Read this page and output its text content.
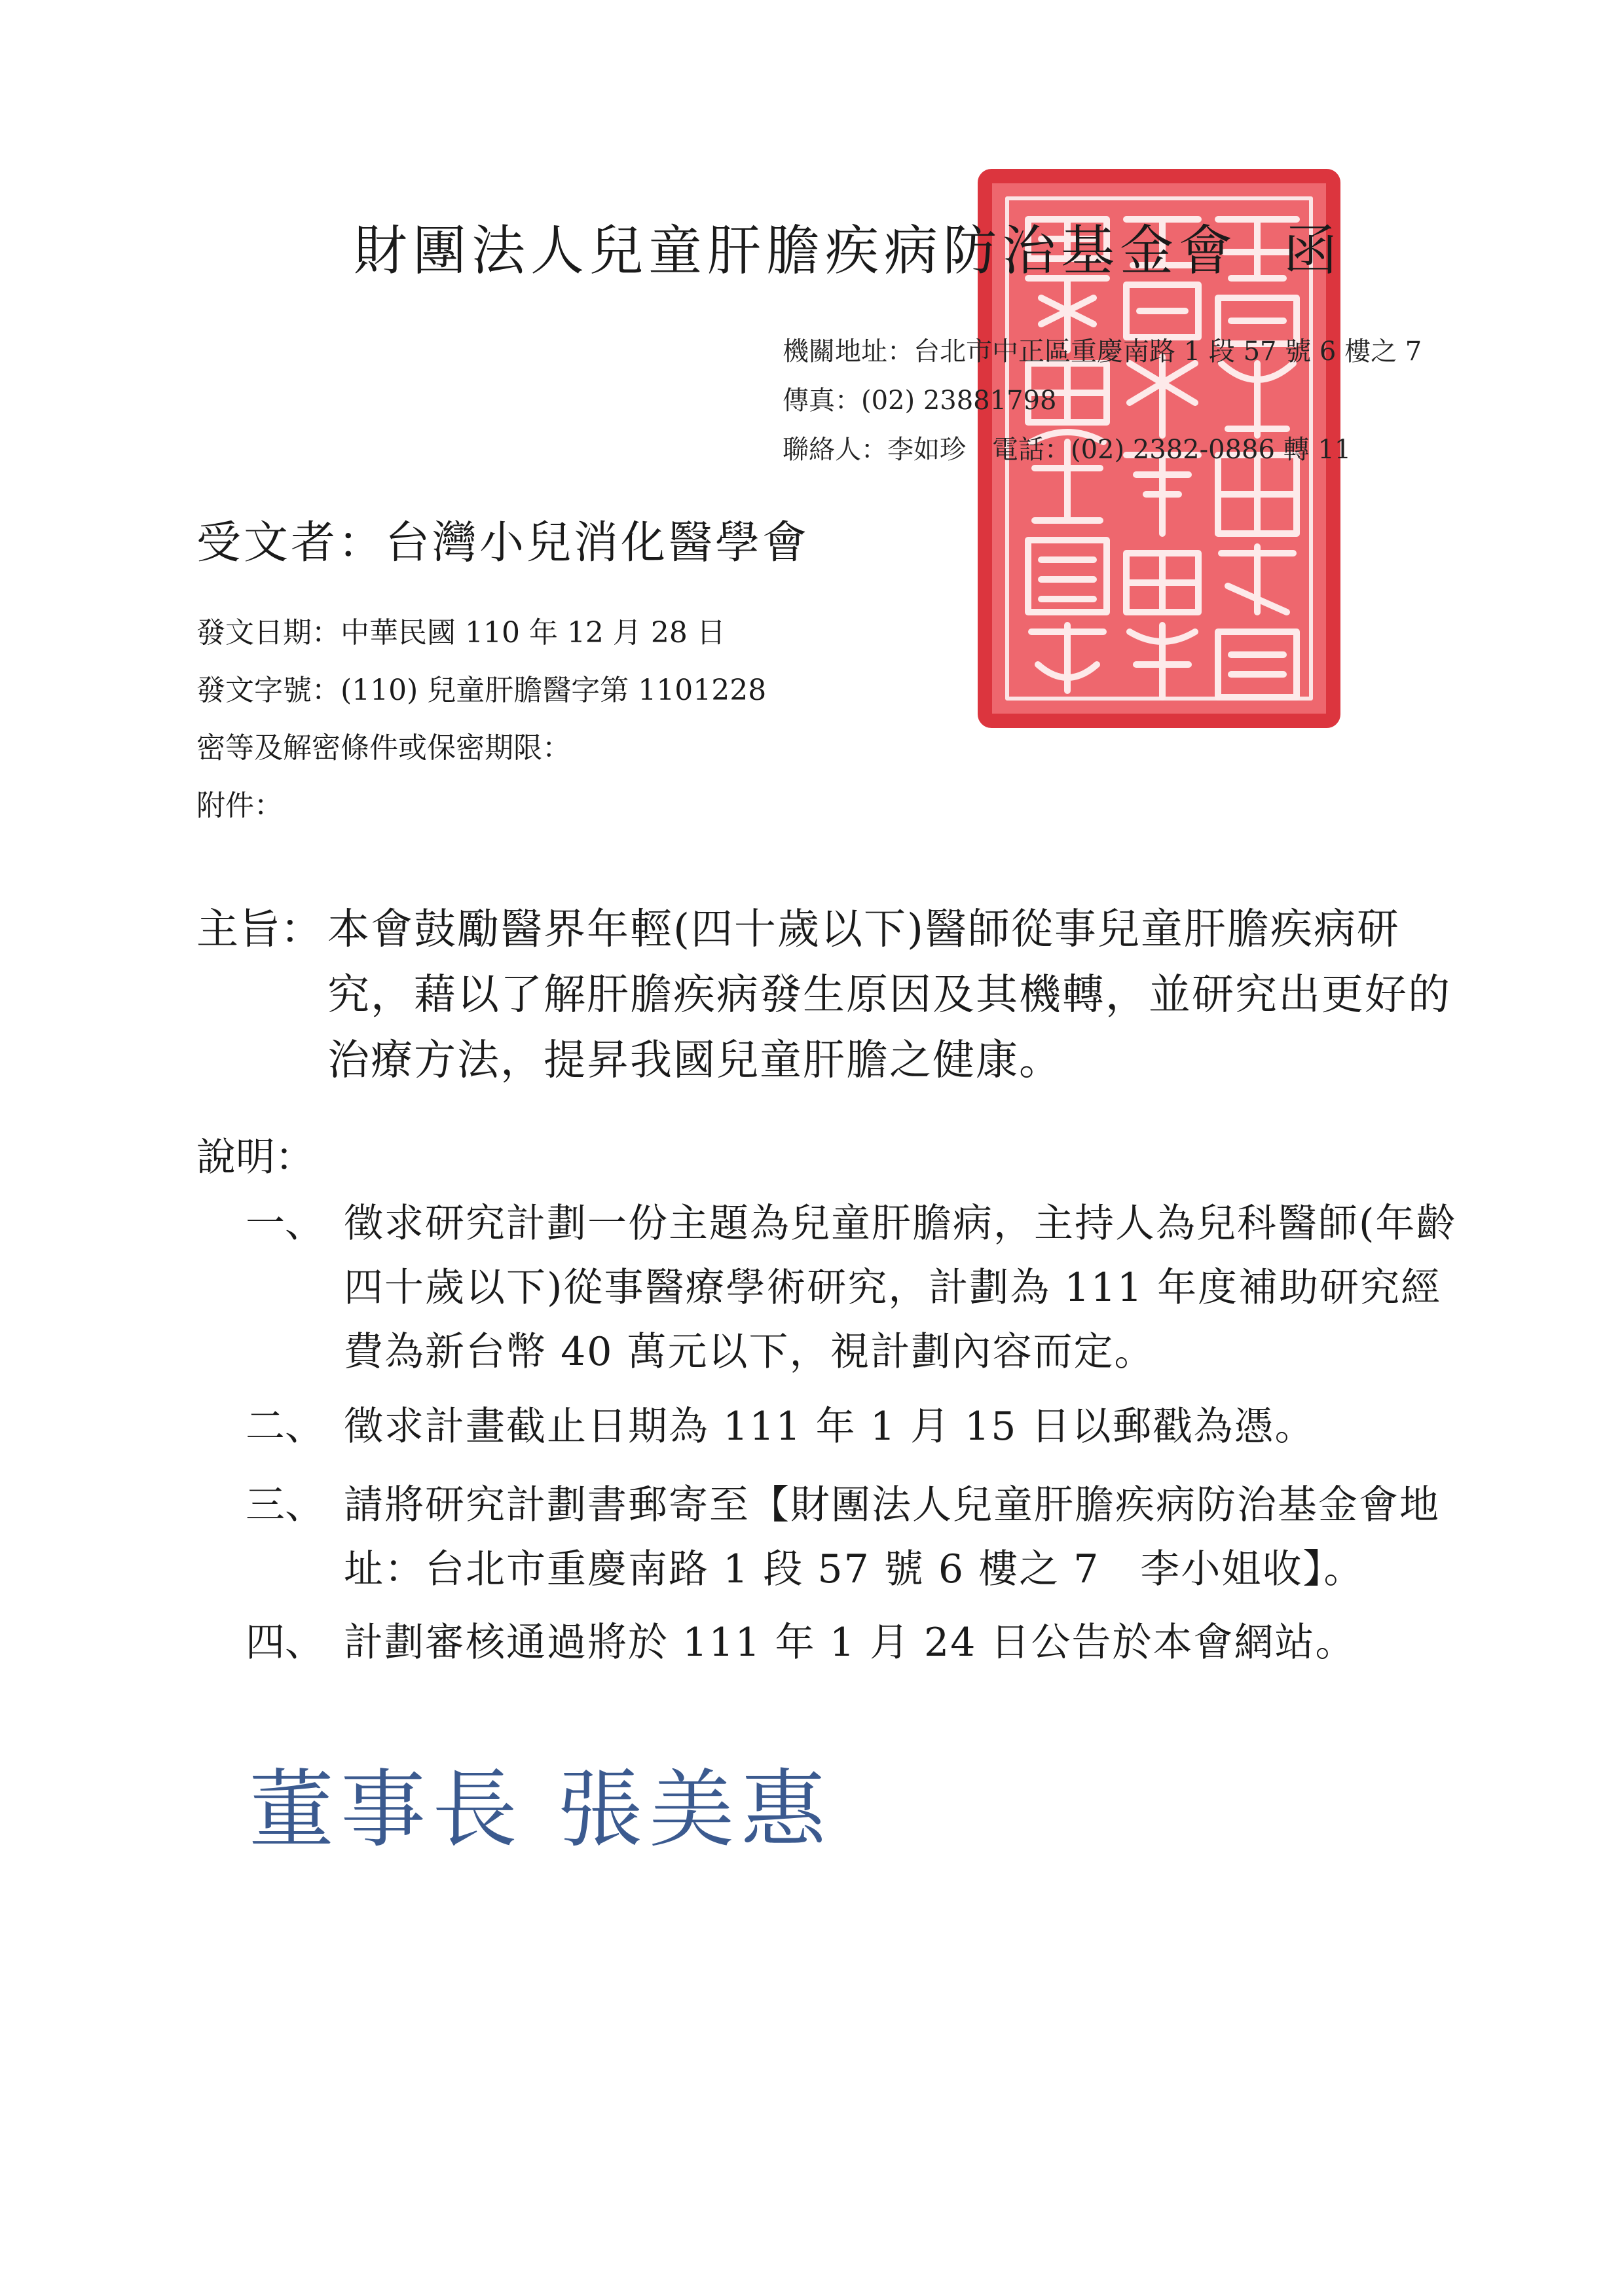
財團法人兒童肝膽疾病防治基金會 函
機關地址：台北市中正區重慶南路 1 段 57 號 6 樓之 7
傳真：(02) 23881798
聯絡人：李如珍　電話：(02) 2382-0886 轉 11
受文者：台灣小兒消化醫學會
發文日期：中華民國 110 年 12 月 28 日
發文字號：(110) 兒童肝膽醫字第 1101228
密等及解密條件或保密期限：
附件：
主旨： 本會鼓勵醫界年輕(四十歲以下)醫師從事兒童肝膽疾病研究，藉以了解肝膽疾病發生原因及其機轉，並研究出更好的治療方法，提昇我國兒童肝膽之健康。
說明：
一、 徵求研究計劃一份主題為兒童肝膽病，主持人為兒科醫師(年齡四十歲以下)從事醫療學術研究，計劃為 111 年度補助研究經費為新台幣 40 萬元以下，視計劃內容而定。
二、 徵求計畫截止日期為 111 年 1 月 15 日以郵戳為憑。
三、 請將研究計劃書郵寄至【財團法人兒童肝膽疾病防治基金會地址：台北市重慶南路 1 段 57 號 6 樓之 7　李小姐收】。
四、 計劃審核通過將於 111 年 1 月 24 日公告於本會網站。
董事長 張美惠
